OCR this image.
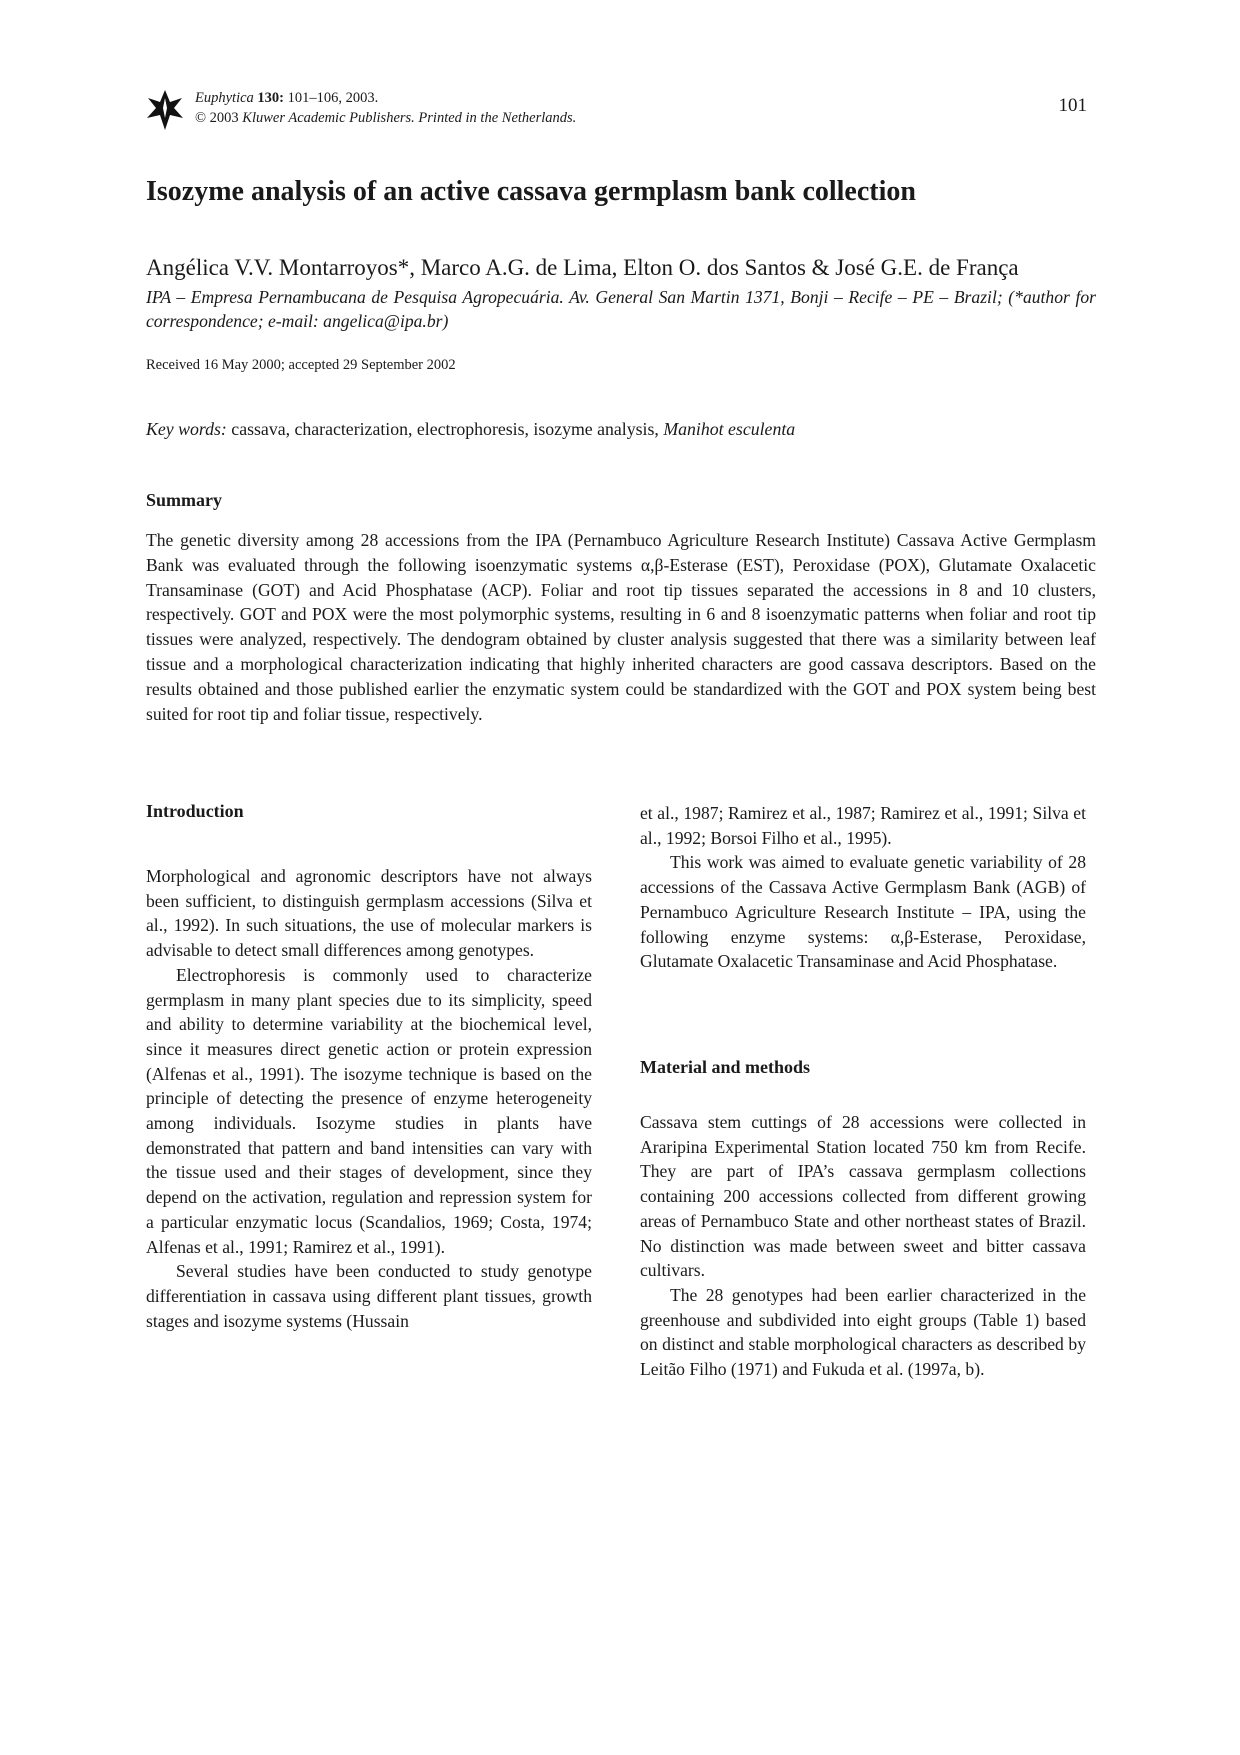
Euphytica 130: 101–106, 2003.
© 2003 Kluwer Academic Publishers. Printed in the Netherlands.
101
Isozyme analysis of an active cassava germplasm bank collection
Angélica V.V. Montarroyos*, Marco A.G. de Lima, Elton O. dos Santos & José G.E. de França
IPA – Empresa Pernambucana de Pesquisa Agropecuária. Av. General San Martin 1371, Bonji – Recife – PE – Brazil; (*author for correspondence; e-mail: angelica@ipa.br)
Received 16 May 2000; accepted 29 September 2002
Key words: cassava, characterization, electrophoresis, isozyme analysis, Manihot esculenta
Summary
The genetic diversity among 28 accessions from the IPA (Pernambuco Agriculture Research Institute) Cassava Active Germplasm Bank was evaluated through the following isoenzymatic systems α,β-Esterase (EST), Peroxidase (POX), Glutamate Oxalacetic Transaminase (GOT) and Acid Phosphatase (ACP). Foliar and root tip tissues separated the accessions in 8 and 10 clusters, respectively. GOT and POX were the most polymorphic systems, resulting in 6 and 8 isoenzymatic patterns when foliar and root tip tissues were analyzed, respectively. The dendogram obtained by cluster analysis suggested that there was a similarity between leaf tissue and a morphological characterization indicating that highly inherited characters are good cassava descriptors. Based on the results obtained and those published earlier the enzymatic system could be standardized with the GOT and POX system being best suited for root tip and foliar tissue, respectively.
Introduction

Morphological and agronomic descriptors have not always been sufficient, to distinguish germplasm accessions (Silva et al., 1992). In such situations, the use of molecular markers is advisable to detect small differences among genotypes.

Electrophoresis is commonly used to characterize germplasm in many plant species due to its simplicity, speed and ability to determine variability at the biochemical level, since it measures direct genetic action or protein expression (Alfenas et al., 1991). The isozyme technique is based on the principle of detecting the presence of enzyme heterogeneity among individuals. Isozyme studies in plants have demonstrated that pattern and band intensities can vary with the tissue used and their stages of development, since they depend on the activation, regulation and repression system for a particular enzymatic locus (Scandalios, 1969; Costa, 1974; Alfenas et al., 1991; Ramirez et al., 1991).

Several studies have been conducted to study genotype differentiation in cassava using different plant tissues, growth stages and isozyme systems (Hussain

et al., 1987; Ramirez et al., 1987; Ramirez et al., 1991; Silva et al., 1992; Borsoi Filho et al., 1995).

This work was aimed to evaluate genetic variability of 28 accessions of the Cassava Active Germplasm Bank (AGB) of Pernambuco Agriculture Research Institute – IPA, using the following enzyme systems: α,β-Esterase, Peroxidase, Glutamate Oxalacetic Transaminase and Acid Phosphatase.

Material and methods

Cassava stem cuttings of 28 accessions were collected in Araripina Experimental Station located 750 km from Recife. They are part of IPA’s cassava germplasm collections containing 200 accessions collected from different growing areas of Pernambuco State and other northeast states of Brazil. No distinction was made between sweet and bitter cassava cultivars.

The 28 genotypes had been earlier characterized in the greenhouse and subdivided into eight groups (Table 1) based on distinct and stable morphological characters as described by Leitão Filho (1971) and Fukuda et al. (1997a, b).
